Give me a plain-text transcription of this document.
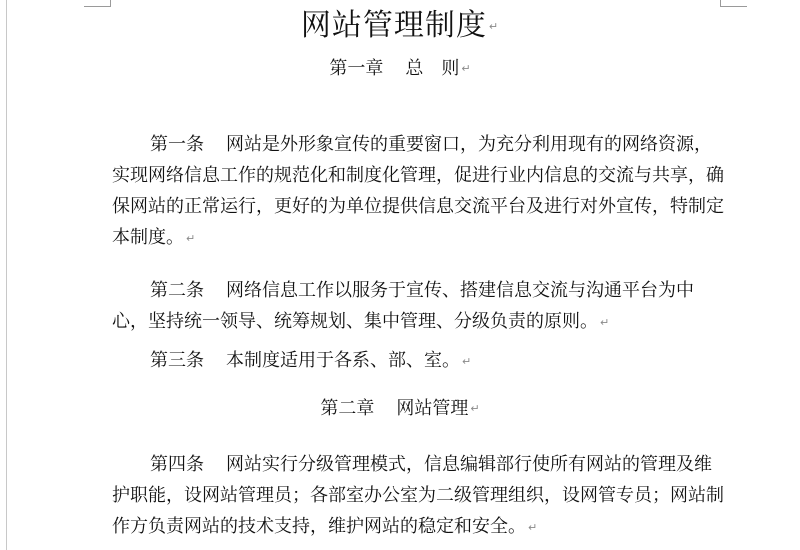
网站管理制度 ↵
第一章 总　则 ↵

第一条 网站是外形象宣传的重要窗口，为充分利用现有的网络资源，实现网络信息工作的规范化和制度化管理，促进行业内信息的交流与共享，确保网站的正常运行，更好的为单位提供信息交流平台及进行对外宣传，特制定本制度。 ↵

第二条 网络信息工作以服务于宣传、搭建信息交流与沟通平台为中心，坚持统一领导、统筹规划、集中管理、分级负责的原则。 ↵

第三条 本制度适用于各系、部、室。 ↵

第二章 网站管理 ↵

第四条 网站实行分级管理模式，信息编辑部行使所有网站的管理及维护职能，设网站管理员；各部室办公室为二级管理组织，设网管专员；网站制作方负责网站的技术支持，维护网站的稳定和安全。 ↵
